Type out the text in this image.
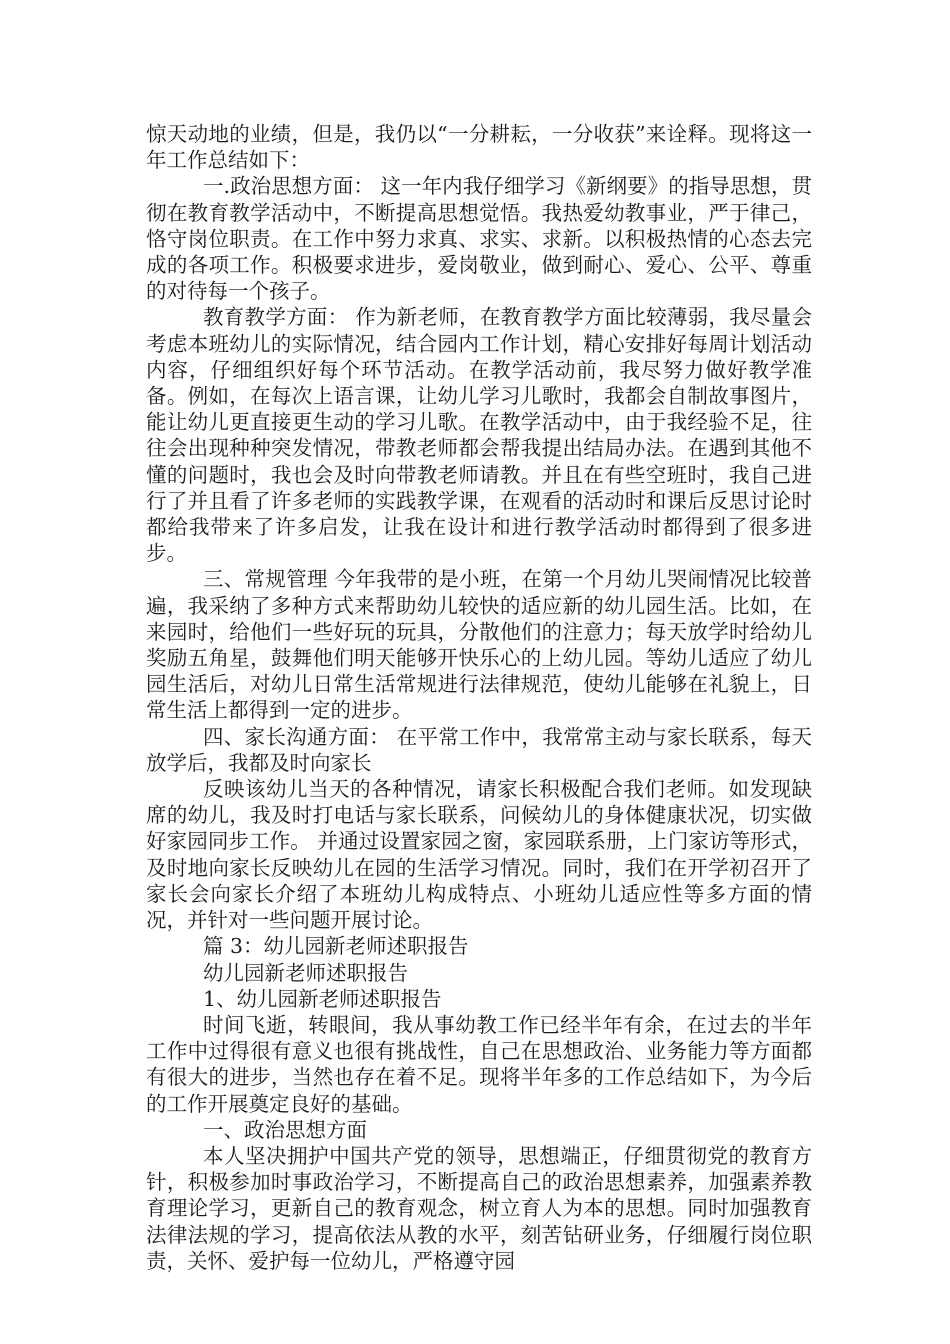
惊天动地的业绩，但是，我仍以“一分耕耘，一分收获”来诠释。现将这一年工作总结如下：

一.政治思想方面： 这一年内我仔细学习《新纲要》的指导思想，贯彻在教育教学活动中，不断提高思想觉悟。我热爱幼教事业，严于律己，恪守岗位职责。在工作中努力求真、求实、求新。以积极热情的心态去完成的各项工作。积极要求进步，爱岗敬业，做到耐心、爱心、公平、尊重的对待每一个孩子。

教育教学方面： 作为新老师，在教育教学方面比较薄弱，我尽量会考虑本班幼儿的实际情况，结合园内工作计划，精心安排好每周计划活动内容，仔细组织好每个环节活动。在教学活动前，我尽努力做好教学准备。例如，在每次上语言课，让幼儿学习儿歌时，我都会自制故事图片，能让幼儿更直接更生动的学习儿歌。在教学活动中，由于我经验不足，往往会出现种种突发情况，带教老师都会帮我提出结局办法。在遇到其他不懂的问题时，我也会及时向带教老师请教。并且在有些空班时，我自己进行了并且看了许多老师的实践教学课，在观看的活动时和课后反思讨论时都给我带来了许多启发，让我在设计和进行教学活动时都得到了很多进步。

三、常规管理 今年我带的是小班，在第一个月幼儿哭闹情况比较普遍，我采纳了多种方式来帮助幼儿较快的适应新的幼儿园生活。比如，在来园时，给他们一些好玩的玩具，分散他们的注意力；每天放学时给幼儿奖励五角星，鼓舞他们明天能够开快乐心的上幼儿园。等幼儿适应了幼儿园生活后，对幼儿日常生活常规进行法律规范，使幼儿能够在礼貌上，日常生活上都得到一定的进步。

四、家长沟通方面： 在平常工作中，我常常主动与家长联系，每天放学后，我都及时向家长

反映该幼儿当天的各种情况，请家长积极配合我们老师。如发现缺席的幼儿，我及时打电话与家长联系，问候幼儿的身体健康状况，切实做好家园同步工作。 并通过设置家园之窗，家园联系册，上门家访等形式，及时地向家长反映幼儿在园的生活学习情况。同时，我们在开学初召开了家长会向家长介绍了本班幼儿构成特点、小班幼儿适应性等多方面的情况，并针对一些问题开展讨论。

篇 3：幼儿园新老师述职报告

幼儿园新老师述职报告

1、幼儿园新老师述职报告

时间飞逝，转眼间，我从事幼教工作已经半年有余，在过去的半年工作中过得很有意义也很有挑战性，自己在思想政治、业务能力等方面都有很大的进步，当然也存在着不足。现将半年多的工作总结如下，为今后的工作开展奠定良好的基础。

一、政治思想方面

本人坚决拥护中国共产党的领导，思想端正，仔细贯彻党的教育方针，积极参加时事政治学习，不断提高自己的政治思想素养，加强素养教育理论学习，更新自己的教育观念，树立育人为本的思想。同时加强教育法律法规的学习，提高依法从教的水平，刻苦钻研业务，仔细履行岗位职责，关怀、爱护每一位幼儿，严格遵守园
